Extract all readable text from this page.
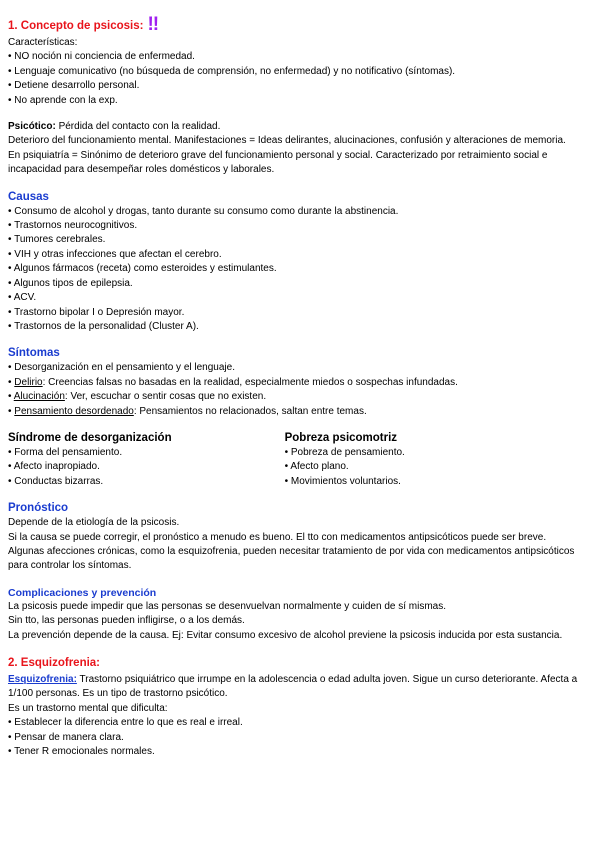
1. Concepto de psicosis: !!
Características:
• NO noción ni conciencia de enfermedad.
• Lenguaje comunicativo (no búsqueda de comprensión, no enfermedad) y no notificativo (síntomas).
• Detiene desarrollo personal.
• No aprende con la exp.
Psicótico: Pérdida del contacto con la realidad.
Deterioro del funcionamiento mental. Manifestaciones = Ideas delirantes, alucinaciones, confusión y alteraciones de memoria.
En psiquiatría = Sinónimo de deterioro grave del funcionamiento personal y social. Caracterizado por retraimiento social e incapacidad para desempeñar roles domésticos y laborales.
Causas
• Consumo de alcohol y drogas, tanto durante su consumo como durante la abstinencia.
• Trastornos neurocognitivos.
• Tumores cerebrales.
• VIH y otras infecciones que afectan el cerebro.
• Algunos fármacos (receta) como esteroides y estimulantes.
• Algunos tipos de epilepsia.
• ACV.
• Trastorno bipolar I o Depresión mayor.
• Trastornos de la personalidad (Cluster A).
Síntomas
• Desorganización en el pensamiento y el lenguaje.
• Delirio: Creencias falsas no basadas en la realidad, especialmente miedos o sospechas infundadas.
• Alucinación: Ver, escuchar o sentir cosas que no existen.
• Pensamiento desordenado: Pensamientos no relacionados, saltan entre temas.
Síndrome de desorganización
• Forma del pensamiento.
• Afecto inapropiado.
• Conductas bizarras.
Pobreza psicomotriz
• Pobreza de pensamiento.
• Afecto plano.
• Movimientos voluntarios.
Pronóstico
Depende de la etiología de la psicosis.
Si la causa se puede corregir, el pronóstico a menudo es bueno. El tto con medicamentos antipsicóticos puede ser breve.
Algunas afecciones crónicas, como la esquizofrenia, pueden necesitar tratamiento de por vida con medicamentos antipsicóticos para controlar los síntomas.
Complicaciones y prevención
La psicosis puede impedir que las personas se desenvuelvan normalmente y cuiden de sí mismas.
Sin tto, las personas pueden infligirse, o a los demás.
La prevención depende de la causa. Ej: Evitar consumo excesivo de alcohol previene la psicosis inducida por esta sustancia.
2. Esquizofrenia:
Esquizofrenia: Trastorno psiquiátrico que irrumpe en la adolescencia o edad adulta joven. Sigue un curso deteriorante. Afecta a 1/100 personas. Es un tipo de trastorno psicótico.
Es un trastorno mental que dificulta:
• Establecer la diferencia entre lo que es real e irreal.
• Pensar de manera clara.
• Tener R emocionales normales.
